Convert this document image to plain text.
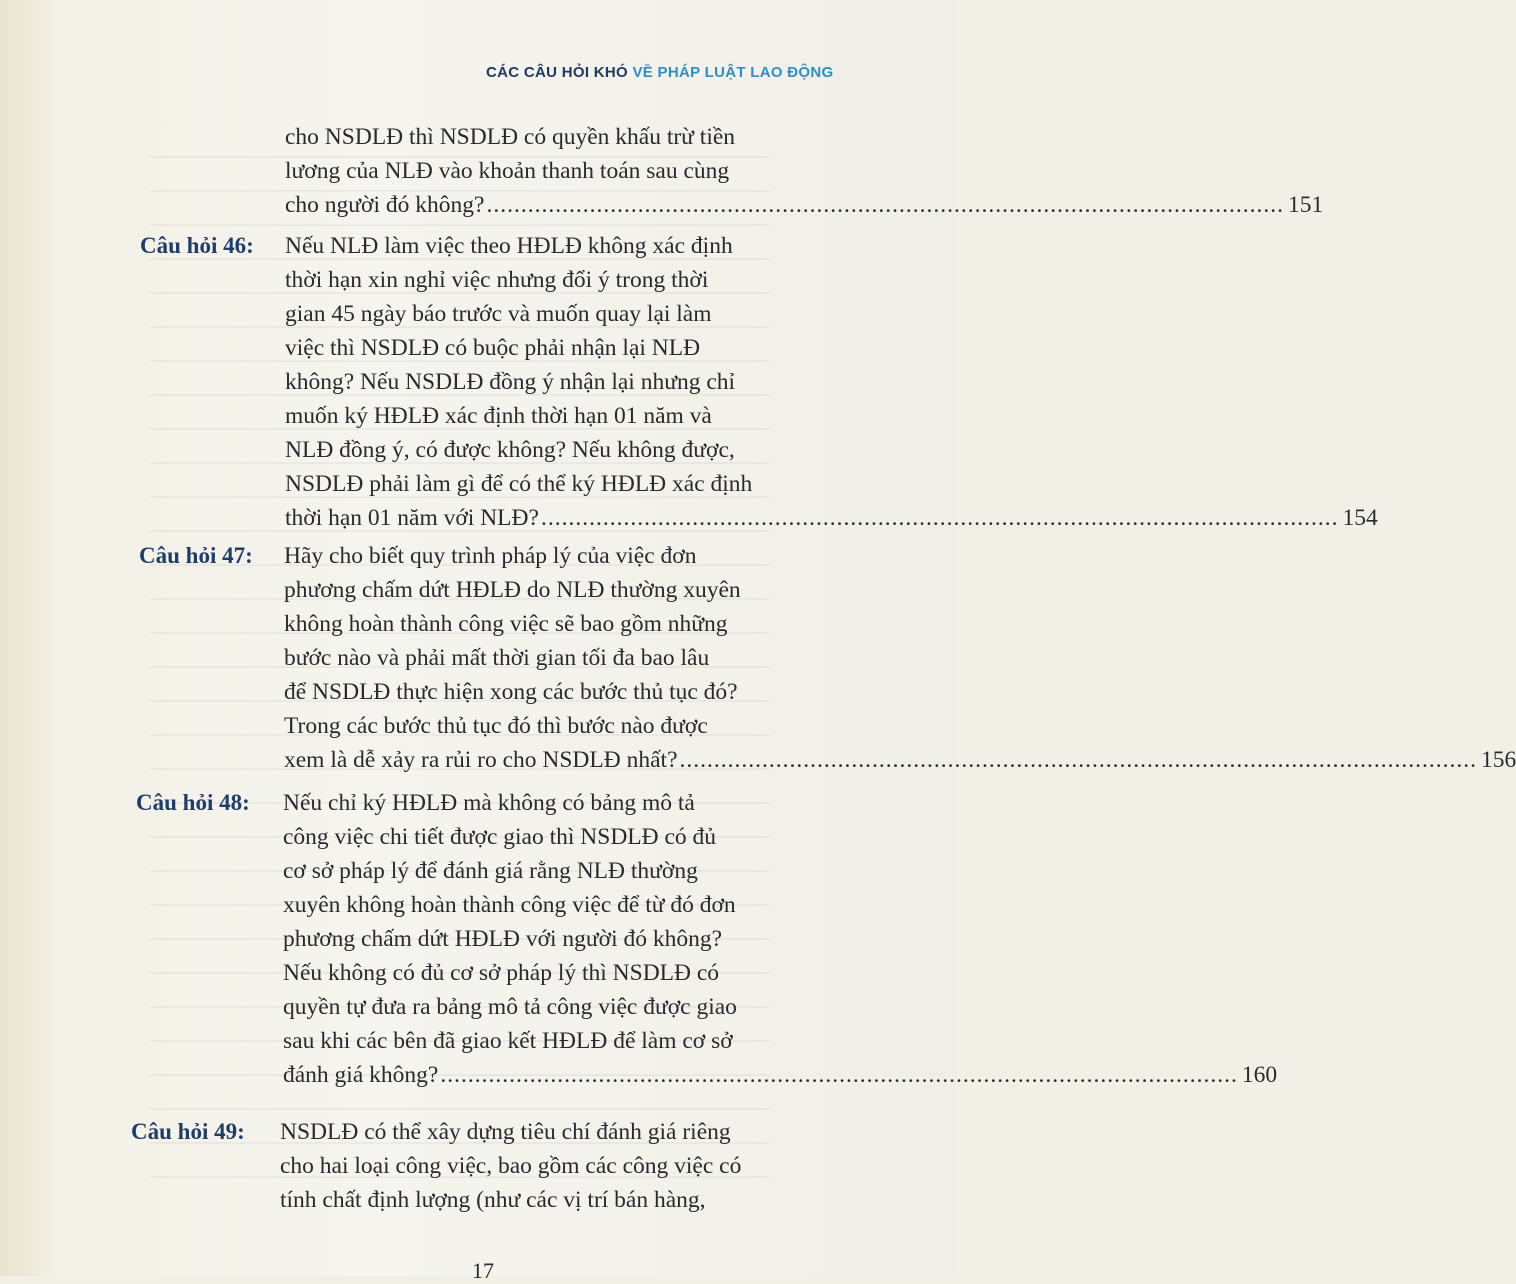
CÁC CÂU HỎI KHÓ VỀ PHÁP LUẬT LAO ĐỘNG
cho NSDLĐ thì NSDLĐ có quyền khấu trừ tiền
lương của NLĐ vào khoản thanh toán sau cùng
cho người đó không? .................................................................................................................... 151
Câu hỏi 46: Nếu NLĐ làm việc theo HĐLĐ không xác định
thời hạn xin nghỉ việc nhưng đổi ý trong thời
gian 45 ngày báo trước và muốn quay lại làm
việc thì NSDLĐ có buộc phải nhận lại NLĐ
không? Nếu NSDLĐ đồng ý nhận lại nhưng chỉ
muốn ký HĐLĐ xác định thời hạn 01 năm và
NLĐ đồng ý, có được không? Nếu không được,
NSDLĐ phải làm gì để có thể ký HĐLĐ xác định
thời hạn 01 năm với NLĐ? .................................................................................................................... 154
Câu hỏi 47: Hãy cho biết quy trình pháp lý của việc đơn
phương chấm dứt HĐLĐ do NLĐ thường xuyên
không hoàn thành công việc sẽ bao gồm những
bước nào và phải mất thời gian tối đa bao lâu
để NSDLĐ thực hiện xong các bước thủ tục đó?
Trong các bước thủ tục đó thì bước nào được
xem là dễ xảy ra rủi ro cho NSDLĐ nhất? .................................................................................................................... 156
Câu hỏi 48: Nếu chỉ ký HĐLĐ mà không có bảng mô tả
công việc chi tiết được giao thì NSDLĐ có đủ
cơ sở pháp lý để đánh giá rằng NLĐ thường
xuyên không hoàn thành công việc để từ đó đơn
phương chấm dứt HĐLĐ với người đó không?
Nếu không có đủ cơ sở pháp lý thì NSDLĐ có
quyền tự đưa ra bảng mô tả công việc được giao
sau khi các bên đã giao kết HĐLĐ để làm cơ sở
đánh giá không? .................................................................................................................... 160
Câu hỏi 49: NSDLĐ có thể xây dựng tiêu chí đánh giá riêng
cho hai loại công việc, bao gồm các công việc có
tính chất định lượng (như các vị trí bán hàng,
17
